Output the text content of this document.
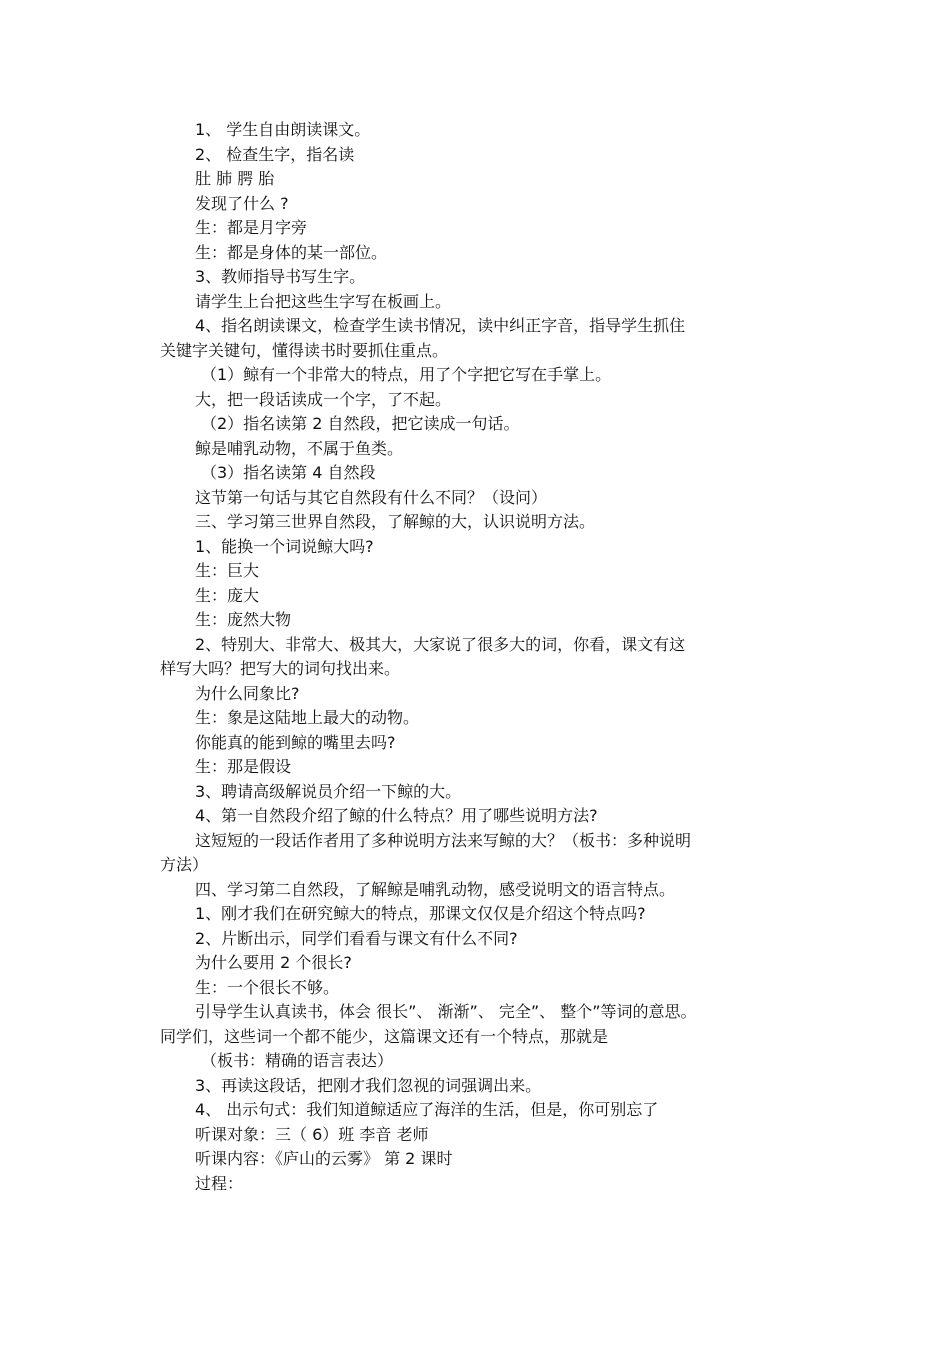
1、 学生自由朗读课文。
2、 检查生字，指名读
肚 肺 腭 胎
发现了什么 ?
生：都是月字旁
生：都是身体的某一部位。
3、教师指导书写生字。
请学生上台把这些生字写在板画上。
4、指名朗读课文，检查学生读书情况，读中纠正字音，指导学生抓住
关键字关键句，懂得读书时要抓住重点。
（1）鲸有一个非常大的特点，用了个字把它写在手掌上。
大，把一段话读成一个字，了不起。
（2）指名读第 2 自然段，把它读成一句话。
鲸是哺乳动物，不属于鱼类。
（3）指名读第 4 自然段
这节第一句话与其它自然段有什么不同？（设问）
三、学习第三世界自然段，了解鲸的大，认识说明方法。
1、能换一个词说鲸大吗?
生：巨大
生：庞大
生：庞然大物
2、特别大、非常大、极其大，大家说了很多大的词，你看，课文有这
样写大吗？把写大的词句找出来。
为什么同象比?
生：象是这陆地上最大的动物。
你能真的能到鲸的嘴里去吗?
生：那是假设
3、聘请高级解说员介绍一下鲸的大。
4、第一自然段介绍了鲸的什么特点？用了哪些说明方法?
这短短的一段话作者用了多种说明方法来写鲸的大？（板书：多种说明
方法）
四、学习第二自然段，了解鲸是哺乳动物，感受说明文的语言特点。
1、刚才我们在研究鲸大的特点，那课文仅仅是介绍这个特点吗?
2、片断出示，同学们看看与课文有什么不同?
为什么要用 2 个很长?
生：一个很长不够。
引导学生认真读书，体会 很长”、 渐渐”、 完全”、 整个”等词的意思。
同学们，这些词一个都不能少，这篇课文还有一个特点，那就是
（板书：精确的语言表达）
3、再读这段话，把刚才我们忽视的词强调出来。
4、 出示句式：我们知道鲸适应了海洋的生活，但是，你可别忘了
听课对象：三（ 6）班 李音 老师
听课内容：《庐山的云雾》 第 2 课时
过程：
